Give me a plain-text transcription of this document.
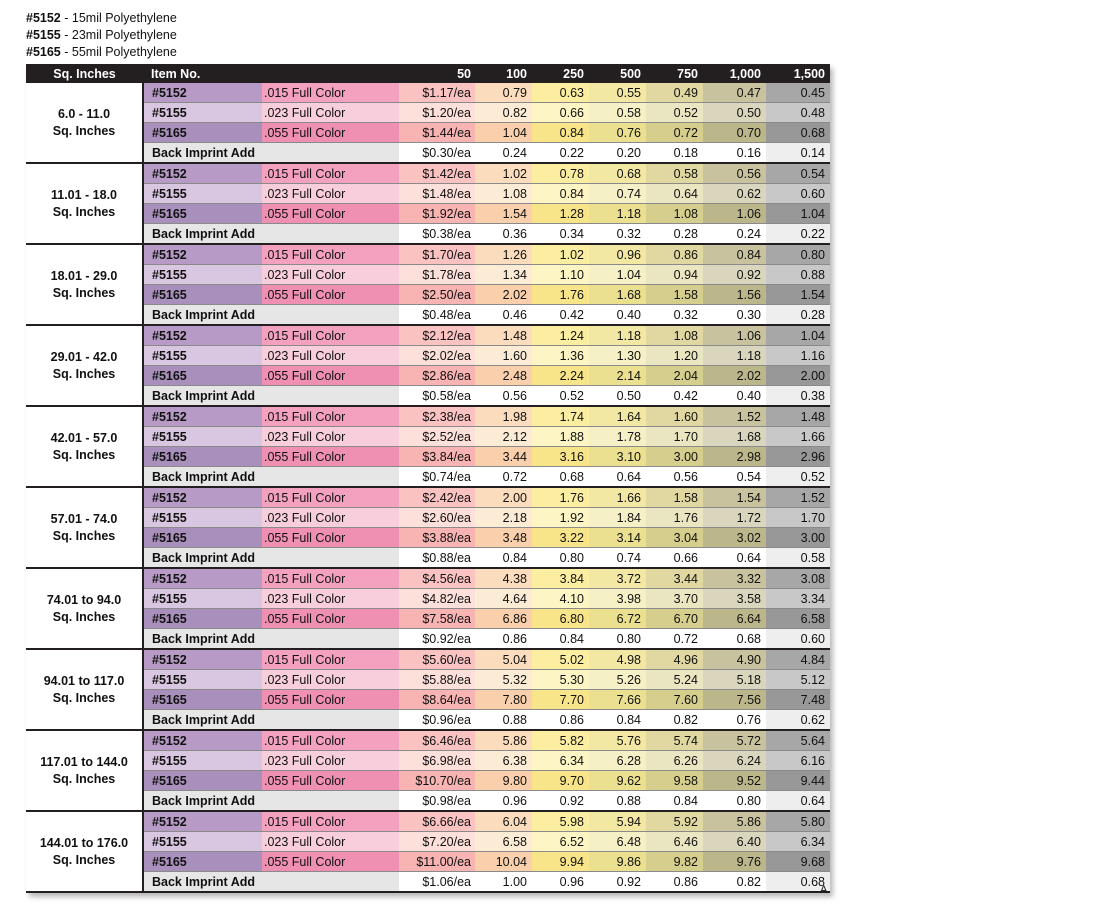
#5152 - 15mil Polyethylene
#5155 - 23mil Polyethylene
#5165 - 55mil Polyethylene
Sq. Inches	Item No.		50	100	250	500	750	1,000	1,500

6.0 - 11.0
Sq. Inches	#5152	.015 Full Color	$1.17/ea	0.79	0.63	0.55	0.49	0.47	0.45
	#5155	.023 Full Color	$1.20/ea	0.82	0.66	0.58	0.52	0.50	0.48
	#5165	.055 Full Color	$1.44/ea	1.04	0.84	0.76	0.72	0.70	0.68
	Back Imprint Add		$0.30/ea	0.24	0.22	0.20	0.18	0.16	0.14

11.01 - 18.0
Sq. Inches	#5152	.015 Full Color	$1.42/ea	1.02	0.78	0.68	0.58	0.56	0.54
	#5155	.023 Full Color	$1.48/ea	1.08	0.84	0.74	0.64	0.62	0.60
	#5165	.055 Full Color	$1.92/ea	1.54	1.28	1.18	1.08	1.06	1.04
	Back Imprint Add		$0.38/ea	0.36	0.34	0.32	0.28	0.24	0.22

18.01 - 29.0
Sq. Inches	#5152	.015 Full Color	$1.70/ea	1.26	1.02	0.96	0.86	0.84	0.80
	#5155	.023 Full Color	$1.78/ea	1.34	1.10	1.04	0.94	0.92	0.88
	#5165	.055 Full Color	$2.50/ea	2.02	1.76	1.68	1.58	1.56	1.54
	Back Imprint Add		$0.48/ea	0.46	0.42	0.40	0.32	0.30	0.28

29.01 - 42.0
Sq. Inches	#5152	.015 Full Color	$2.12/ea	1.48	1.24	1.18	1.08	1.06	1.04
	#5155	.023 Full Color	$2.02/ea	1.60	1.36	1.30	1.20	1.18	1.16
	#5165	.055 Full Color	$2.86/ea	2.48	2.24	2.14	2.04	2.02	2.00
	Back Imprint Add		$0.58/ea	0.56	0.52	0.50	0.42	0.40	0.38

42.01 - 57.0
Sq. Inches	#5152	.015 Full Color	$2.38/ea	1.98	1.74	1.64	1.60	1.52	1.48
	#5155	.023 Full Color	$2.52/ea	2.12	1.88	1.78	1.70	1.68	1.66
	#5165	.055 Full Color	$3.84/ea	3.44	3.16	3.10	3.00	2.98	2.96
	Back Imprint Add		$0.74/ea	0.72	0.68	0.64	0.56	0.54	0.52

57.01 - 74.0
Sq. Inches	#5152	.015 Full Color	$2.42/ea	2.00	1.76	1.66	1.58	1.54	1.52
	#5155	.023 Full Color	$2.60/ea	2.18	1.92	1.84	1.76	1.72	1.70
	#5165	.055 Full Color	$3.88/ea	3.48	3.22	3.14	3.04	3.02	3.00
	Back Imprint Add		$0.88/ea	0.84	0.80	0.74	0.66	0.64	0.58

74.01 to 94.0
Sq. Inches	#5152	.015 Full Color	$4.56/ea	4.38	3.84	3.72	3.44	3.32	3.08
	#5155	.023 Full Color	$4.82/ea	4.64	4.10	3.98	3.70	3.58	3.34
	#5165	.055 Full Color	$7.58/ea	6.86	6.80	6.72	6.70	6.64	6.58
	Back Imprint Add		$0.92/ea	0.86	0.84	0.80	0.72	0.68	0.60

94.01 to 117.0
Sq. Inches	#5152	.015 Full Color	$5.60/ea	5.04	5.02	4.98	4.96	4.90	4.84
	#5155	.023 Full Color	$5.88/ea	5.32	5.30	5.26	5.24	5.18	5.12
	#5165	.055 Full Color	$8.64/ea	7.80	7.70	7.66	7.60	7.56	7.48
	Back Imprint Add		$0.96/ea	0.88	0.86	0.84	0.82	0.76	0.62

117.01 to 144.0
Sq. Inches	#5152	.015 Full Color	$6.46/ea	5.86	5.82	5.76	5.74	5.72	5.64
	#5155	.023 Full Color	$6.98/ea	6.38	6.34	6.28	6.26	6.24	6.16
	#5165	.055 Full Color	$10.70/ea	9.80	9.70	9.62	9.58	9.52	9.44
	Back Imprint Add		$0.98/ea	0.96	0.92	0.88	0.84	0.80	0.64

144.01 to 176.0
Sq. Inches	#5152	.015 Full Color	$6.66/ea	6.04	5.98	5.94	5.92	5.86	5.80
	#5155	.023 Full Color	$7.20/ea	6.58	6.52	6.48	6.46	6.40	6.34
	#5165	.055 Full Color	$11.00/ea	10.04	9.94	9.86	9.82	9.76	9.68
	Back Imprint Add		$1.06/ea	1.00	0.96	0.92	0.86	0.82	0.68
A
